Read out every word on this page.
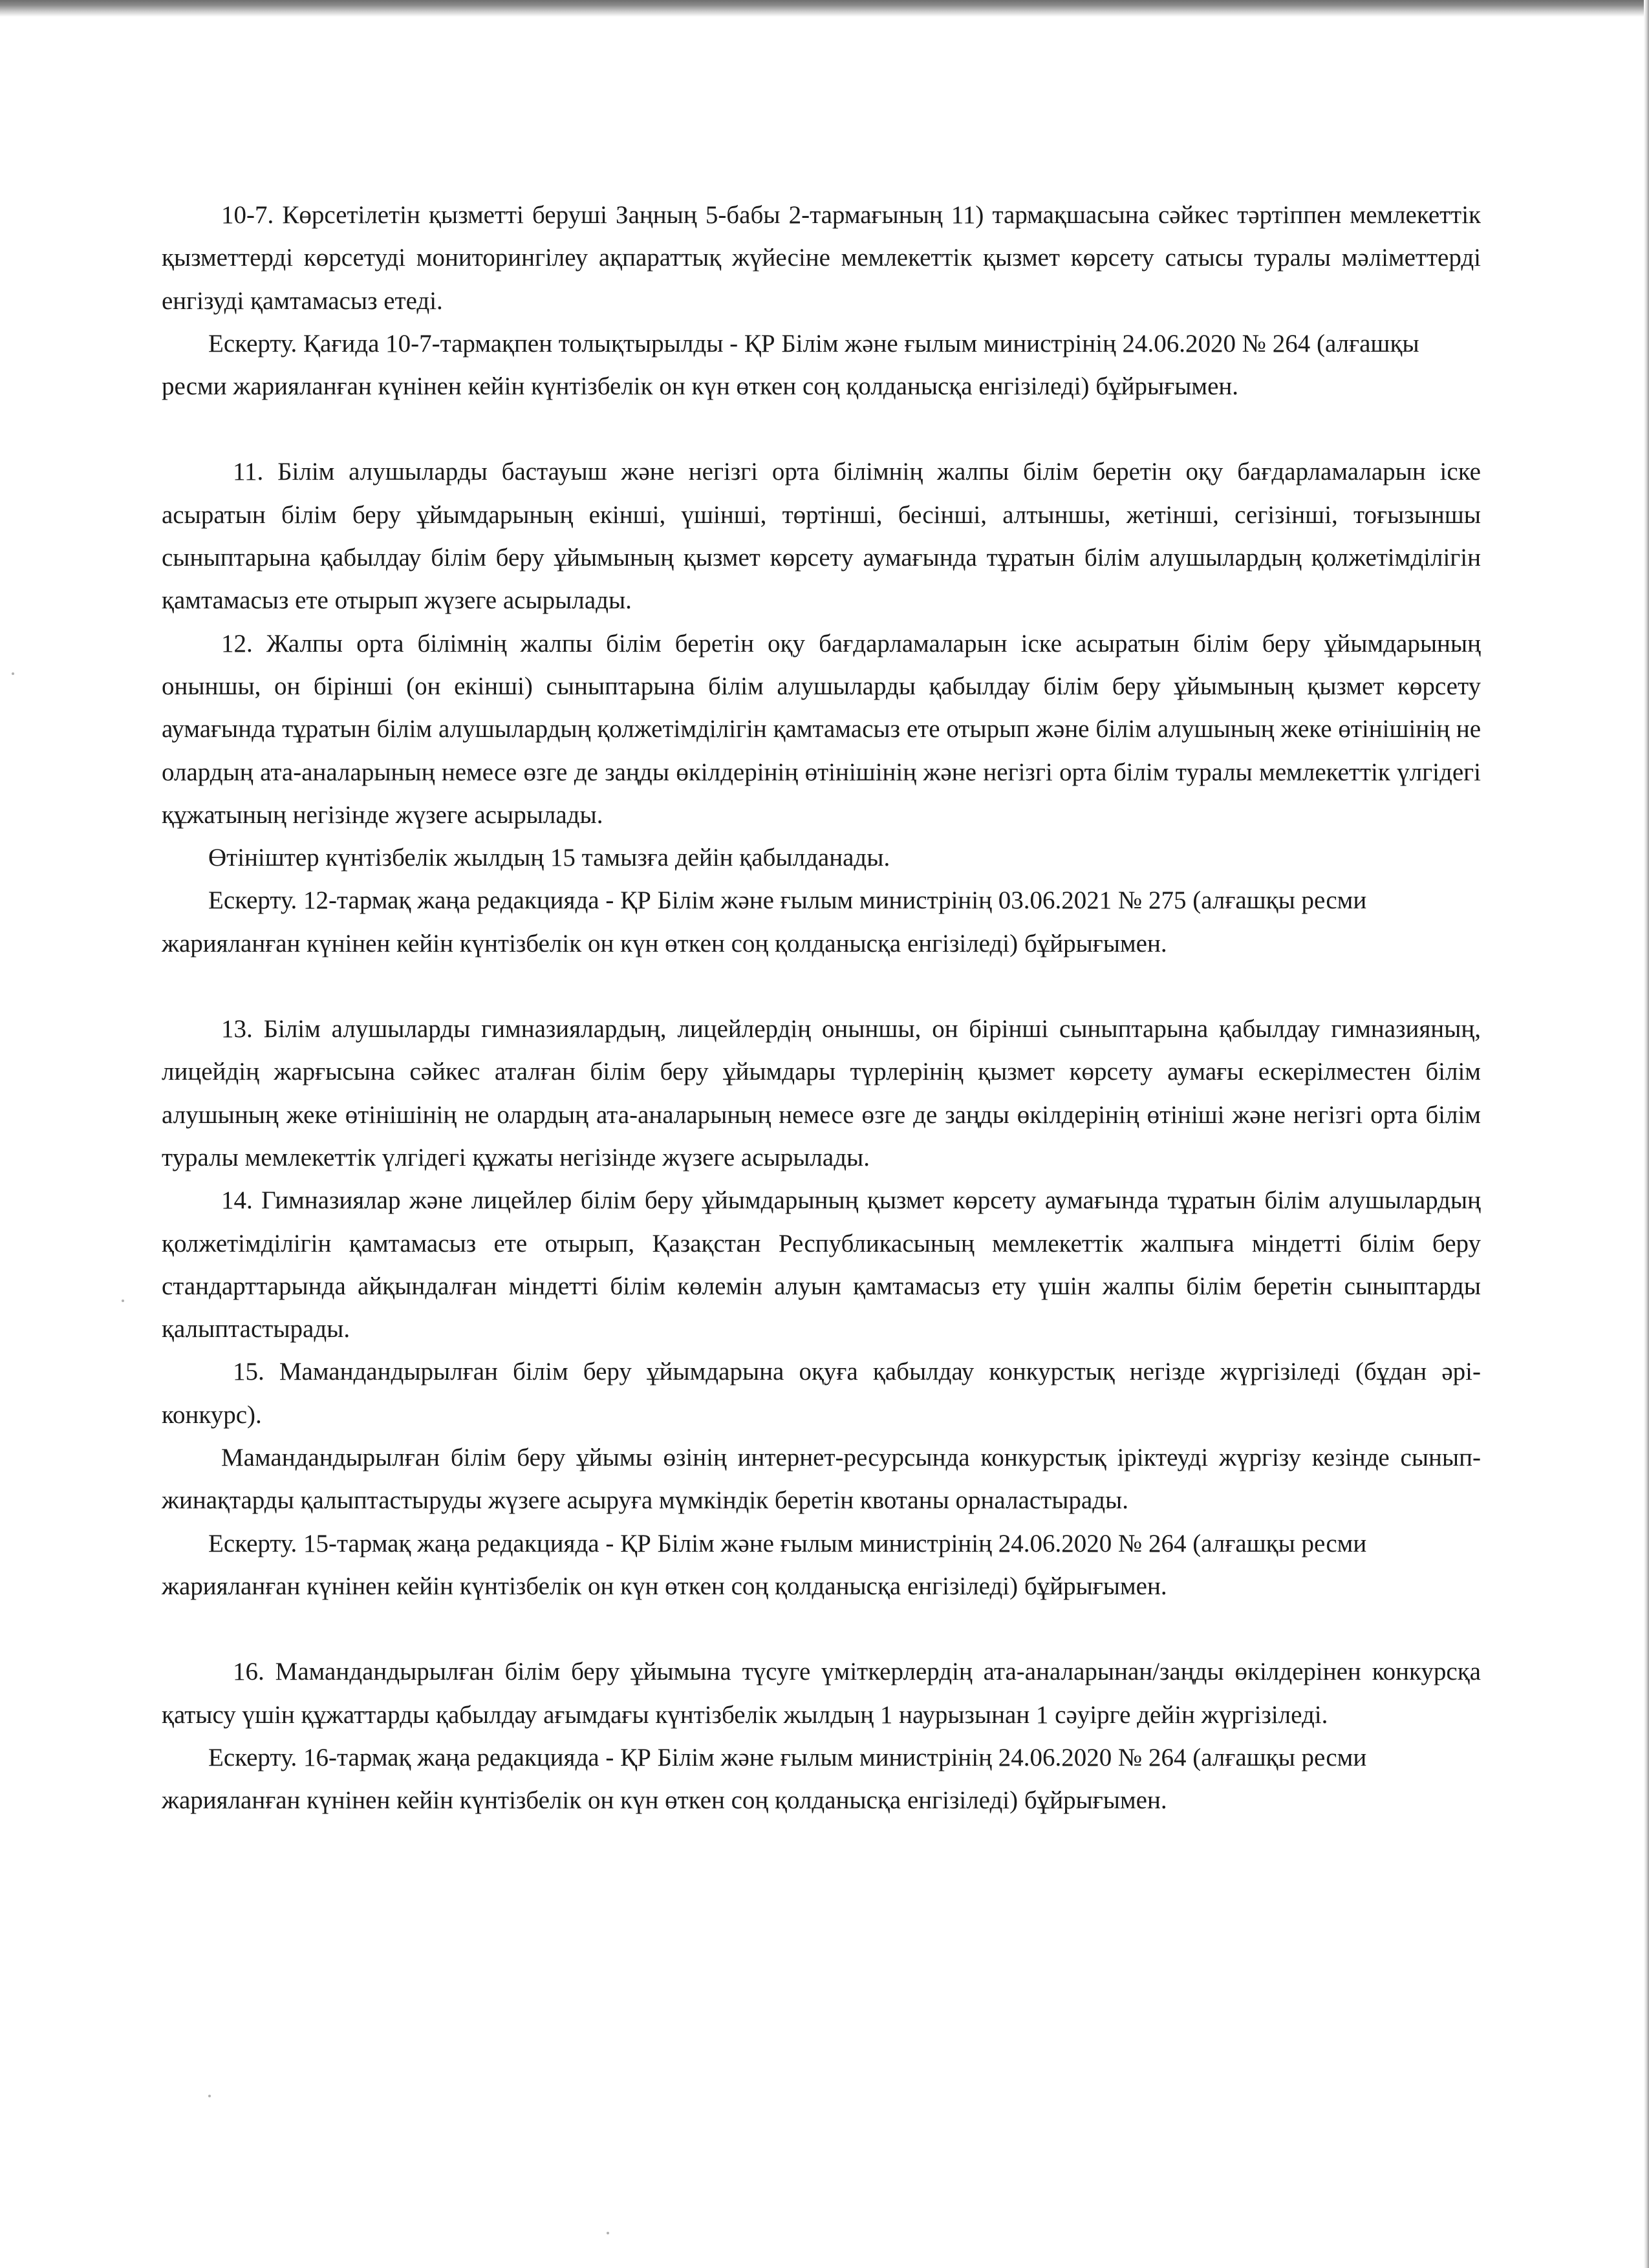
10-7. Көрсетілетін қызметті беруші Заңның 5-бабы 2-тармағының 11) тармақшасына сәйкес тәртіппен мемлекеттік қызметтерді көрсетуді мониторингілеу ақпараттық жүйесіне мемлекеттік қызмет көрсету сатысы туралы мәліметтерді енгізуді қамтамасыз етеді.

Ескерту. Қағида 10-7-тармақпен толықтырылды - ҚР Білім және ғылым министрінің 24.06.2020 № 264 (алғашқы ресми жарияланған күнінен кейін күнтізбелік он күн өткен соң қолданысқа енгізіледі) бұйрығымен.

11. Білім алушыларды бастауыш және негізгі орта білімнің жалпы білім беретін оқу бағдарламаларын іске асыратын білім беру ұйымдарының екінші, үшінші, төртінші, бесінші, алтыншы, жетінші, сегізінші, тоғызыншы сыныптарына қабылдау білім беру ұйымының қызмет көрсету аумағында тұратын білім алушылардың қолжетімділігін қамтамасыз ете отырып жүзеге асырылады.

12. Жалпы орта білімнің жалпы білім беретін оқу бағдарламаларын іске асыратын білім беру ұйымдарының оныншы, он бірінші (он екінші) сыныптарына білім алушыларды қабылдау білім беру ұйымының қызмет көрсету аумағында тұратын білім алушылардың қолжетімділігін қамтамасыз ете отырып және білім алушының жеке өтінішінің не олардың ата-аналарының немесе өзге де заңды өкілдерінің өтінішінің және негізгі орта білім туралы мемлекеттік үлгідегі құжатының негізінде жүзеге асырылады.

Өтініштер күнтізбелік жылдың 15 тамызға дейін қабылданады.

Ескерту. 12-тармақ жаңа редакцияда - ҚР Білім және ғылым министрінің 03.06.2021 № 275 (алғашқы ресми жарияланған күнінен кейін күнтізбелік он күн өткен соң қолданысқа енгізіледі) бұйрығымен.

13. Білім алушыларды гимназиялардың, лицейлердің оныншы, он бірінші сыныптарына қабылдау гимназияның, лицейдің жарғысына сәйкес аталған білім беру ұйымдары түрлерінің қызмет көрсету аумағы ескерілместен білім алушының жеке өтінішінің не олардың ата-аналарының немесе өзге де заңды өкілдерінің өтініші және негізгі орта білім туралы мемлекеттік үлгідегі құжаты негізінде жүзеге асырылады.

14. Гимназиялар және лицейлер білім беру ұйымдарының қызмет көрсету аумағында тұратын білім алушылардың қолжетімділігін қамтамасыз ете отырып, Қазақстан Республикасының мемлекеттік жалпыға міндетті білім беру стандарттарында айқындалған міндетті білім көлемін алуын қамтамасыз ету үшін жалпы білім беретін сыныптарды қалыптастырады.

15. Мамандандырылған білім беру ұйымдарына оқуға қабылдау конкурстық негізде жүргізіледі (бұдан әрі-конкурс).

Мамандандырылған білім беру ұйымы өзінің интернет-ресурсында конкурстық іріктеуді жүргізу кезінде сынып-жинақтарды қалыптастыруды жүзеге асыруға мүмкіндік беретін квотаны орналастырады.

Ескерту. 15-тармақ жаңа редакцияда - ҚР Білім және ғылым министрінің 24.06.2020 № 264 (алғашқы ресми жарияланған күнінен кейін күнтізбелік он күн өткен соң қолданысқа енгізіледі) бұйрығымен.

16. Мамандандырылған білім беру ұйымына түсуге үміткерлердің ата-аналарынан/заңды өкілдерінен конкурсқа қатысу үшін құжаттарды қабылдау ағымдағы күнтізбелік жылдың 1 наурызынан 1 сәуірге дейін жүргізіледі.

Ескерту. 16-тармақ жаңа редакцияда - ҚР Білім және ғылым министрінің 24.06.2020 № 264 (алғашқы ресми жарияланған күнінен кейін күнтізбелік он күн өткен соң қолданысқа енгізіледі) бұйрығымен.
